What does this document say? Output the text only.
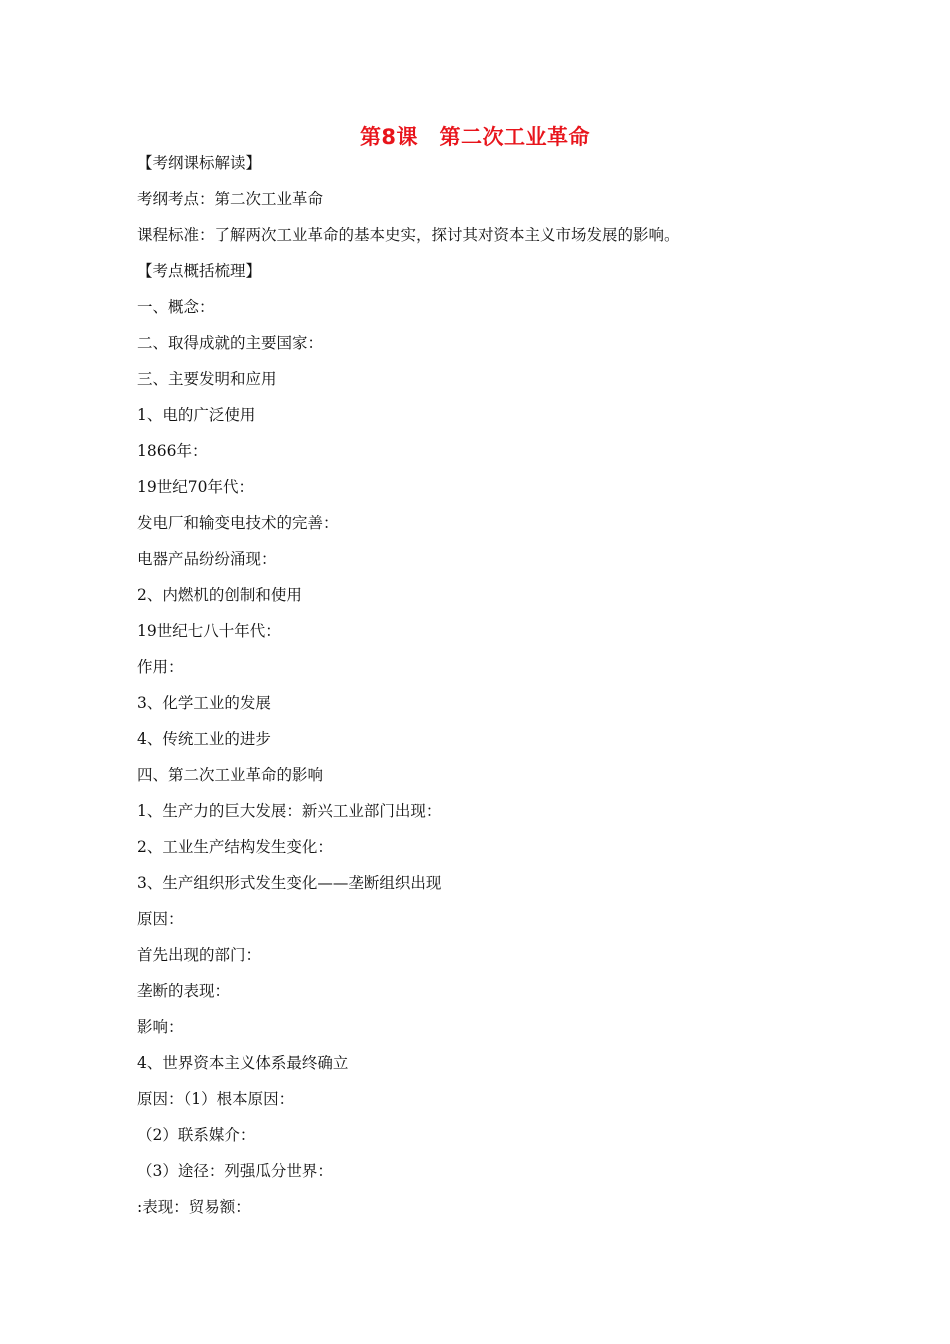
第8课　第二次工业革命
【考纲课标解读】
考纲考点：第二次工业革命
课程标准：了解两次工业革命的基本史实，探讨其对资本主义市场发展的影响。
【考点概括梳理】
一、概念：
二、取得成就的主要国家：
三、主要发明和应用
1、电的广泛使用
1866年：
19世纪70年代：
发电厂和输变电技术的完善：
电器产品纷纷涌现：
2、内燃机的创制和使用
19世纪七八十年代：
作用：
3、化学工业的发展
4、传统工业的进步
四、第二次工业革命的影响
1、生产力的巨大发展：新兴工业部门出现：
2、工业生产结构发生变化：
3、生产组织形式发生变化——垄断组织出现
原因：
首先出现的部门：
垄断的表现：
影响：
4、世界资本主义体系最终确立
原因：（1）根本原因：
（2）联系媒介：
（3）途径：列强瓜分世界：
:表现：贸易额：
